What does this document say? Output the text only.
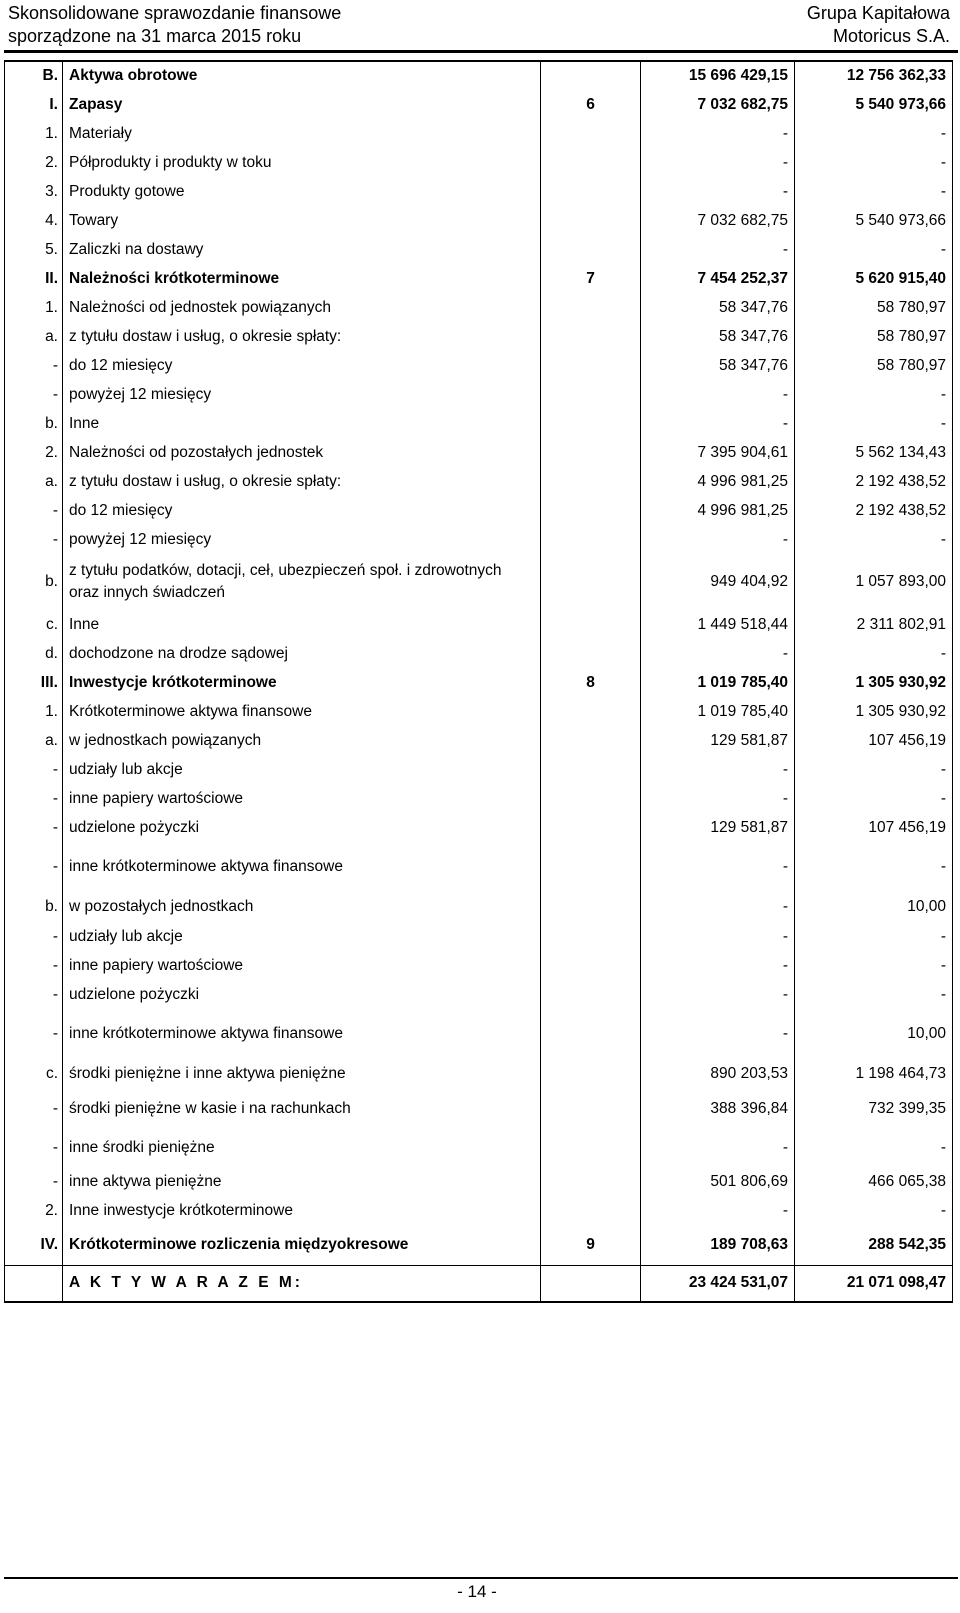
Skonsolidowane sprawozdanie finansowe
sporządzone na 31 marca 2015 roku
Grupa Kapitałowa
Motoricus S.A.
B.	Aktywa obrotowe		15 696 429,15	12 756 362,33
I.	Zapasy	6	7 032 682,75	5 540 973,66
1.	Materiały		-	-
2.	Półprodukty i produkty w toku		-	-
3.	Produkty gotowe		-	-
4.	Towary		7 032 682,75	5 540 973,66
5.	Zaliczki na dostawy		-	-
II.	Należności krótkoterminowe	7	7 454 252,37	5 620 915,40
1.	Należności od jednostek powiązanych		58 347,76	58 780,97
a.	z tytułu dostaw i usług, o okresie spłaty:		58 347,76	58 780,97
-	do 12 miesięcy		58 347,76	58 780,97
-	powyżej 12 miesięcy		-	-
b.	Inne		-	-
2.	Należności od pozostałych jednostek		7 395 904,61	5 562 134,43
a.	z tytułu dostaw i usług, o okresie spłaty:		4 996 981,25	2 192 438,52
-	do 12 miesięcy		4 996 981,25	2 192 438,52
-	powyżej 12 miesięcy		-	-
b.	z tytułu podatków, dotacji, ceł, ubezpieczeń społ. i zdrowotnych oraz innych świadczeń		949 404,92	1 057 893,00
c.	Inne		1 449 518,44	2 311 802,91
d.	dochodzone na drodze sądowej		-	-
III.	Inwestycje krótkoterminowe	8	1 019 785,40	1 305 930,92
1.	Krótkoterminowe aktywa finansowe		1 019 785,40	1 305 930,92
a.	w jednostkach powiązanych		129 581,87	107 456,19
-	udziały lub akcje		-	-
-	inne papiery wartościowe		-	-
-	udzielone pożyczki		129 581,87	107 456,19
-	inne krótkoterminowe aktywa finansowe		-	-
b.	w pozostałych jednostkach		-	10,00
-	udziały lub akcje		-	-
-	inne papiery wartościowe		-	-
-	udzielone pożyczki		-	-
-	inne krótkoterminowe aktywa finansowe		-	10,00
c.	środki pieniężne i inne aktywa pieniężne		890 203,53	1 198 464,73
-	środki pieniężne w kasie i na rachunkach		388 396,84	732 399,35
-	inne środki pieniężne		-	-
-	inne aktywa pieniężne		501 806,69	466 065,38
2.	Inne inwestycje krótkoterminowe		-	-
IV.	Krótkoterminowe rozliczenia międzyokresowe	9	189 708,63	288 542,35
	A K T Y W A R A Z E M:		23 424 531,07	21 071 098,47
- 14 -
